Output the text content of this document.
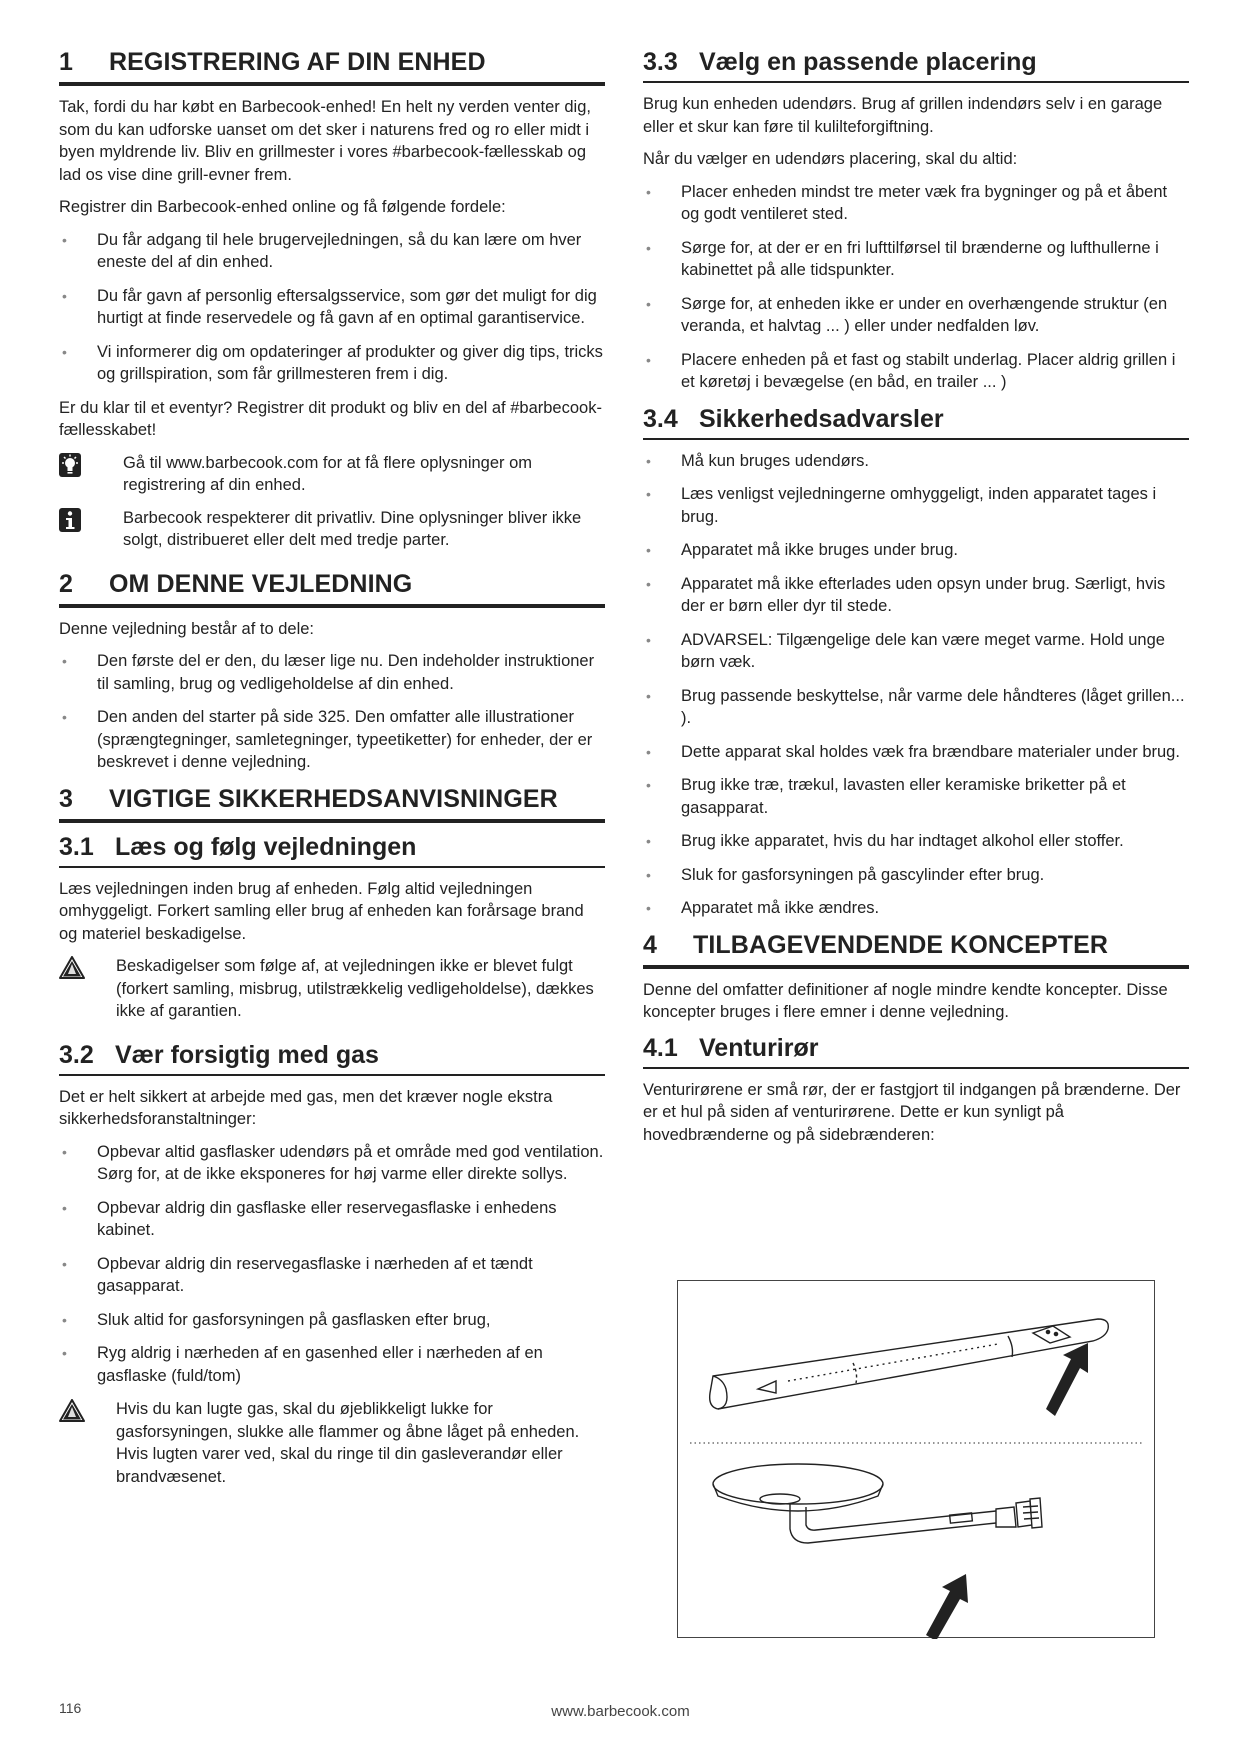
1	REGISTRERING AF DIN ENHED

Tak, fordi du har købt en Barbecook-enhed! En helt ny verden venter dig, som du kan udforske uanset om det sker i naturens fred og ro eller midt i byen myldrende liv. Bliv en grillmester i vores #barbecook-fællesskab og lad os vise dine grill-evner frem.

Registrer din Barbecook-enhed online og få følgende fordele:

• Du får adgang til hele brugervejledningen, så du kan lære om hver eneste del af din enhed.
• Du får gavn af personlig eftersalgsservice, som gør det muligt for dig hurtigt at finde reservedele og få gavn af en optimal garantiservice.
• Vi informerer dig om opdateringer af produkter og giver dig tips, tricks og grillspiration, som får grillmesteren frem i dig.

Er du klar til et eventyr? Registrer dit produkt og bliv en del af #barbecook-fællesskabet!

Gå til www.barbecook.com for at få flere oplysninger om registrering af din enhed.
Barbecook respekterer dit privatliv. Dine oplysninger bliver ikke solgt, distribueret eller delt med tredje parter.
2	OM DENNE VEJLEDNING

Denne vejledning består af to dele:

• Den første del er den, du læser lige nu. Den indeholder instruktioner til samling, brug og vedligeholdelse af din enhed.
• Den anden del starter på side 325. Den omfatter alle illustrationer (sprængtegninger, samletegninger, typeetiketter) for enheder, der er beskrevet i denne vejledning.
3	VIGTIGE SIKKERHEDSANVISNINGER
3.1 Læs og følg vejledningen

Læs vejledningen inden brug af enheden. Følg altid vejledningen omhyggeligt. Forkert samling eller brug af enheden kan forårsage brand og materiel beskadigelse.

Beskadigelser som følge af, at vejledningen ikke er blevet fulgt (forkert samling, misbrug, utilstrækkelig vedligeholdelse), dækkes ikke af garantien.
3.2 Vær forsigtig med gas

Det er helt sikkert at arbejde med gas, men det kræver nogle ekstra sikkerhedsforanstaltninger:

• Opbevar altid gasflasker udendørs på et område med god ventilation. Sørg for, at de ikke eksponeres for høj varme eller direkte sollys.
• Opbevar aldrig din gasflaske eller reservegasflaske i enhedens kabinet.
• Opbevar aldrig din reservegasflaske i nærheden af et tændt gasapparat.
• Sluk altid for gasforsyningen på gasflasken efter brug,
• Ryg aldrig i nærheden af en gasenhed eller i nærheden af en gasflaske (fuld/tom)
Hvis du kan lugte gas, skal du øjeblikkeligt lukke for gasforsyningen, slukke alle flammer og åbne låget på enheden. Hvis lugten varer ved, skal du ringe til din gasleverandør eller brandvæsenet.
3.3 Vælg en passende placering

Brug kun enheden udendørs. Brug af grillen indendørs selv i en garage eller et skur kan føre til kulilteforgiftning.

Når du vælger en udendørs placering, skal du altid:

• Placer enheden mindst tre meter væk fra bygninger og på et åbent og godt ventileret sted.
• Sørge for, at der er en fri lufttilførsel til brænderne og lufthullerne i kabinettet på alle tidspunkter.
• Sørge for, at enheden ikke er under en overhængende struktur (en veranda, et halvtag ... ) eller under nedfalden løv.
• Placere enheden på et fast og stabilt underlag. Placer aldrig grillen i et køretøj i bevægelse (en båd, en trailer ... )
3.4 Sikkerhedsadvarsler
• Må kun bruges udendørs.
• Læs venligst vejledningerne omhyggeligt, inden apparatet tages i brug.
• Apparatet må ikke bruges under brug.
• Apparatet må ikke efterlades uden opsyn under brug. Særligt, hvis der er børn eller dyr til stede.
• ADVARSEL: Tilgængelige dele kan være meget varme. Hold unge børn væk.
• Brug passende beskyttelse, når varme dele håndteres (låget grillen... ).
• Dette apparat skal holdes væk fra brændbare materialer under brug.
• Brug ikke træ, trækul, lavasten eller keramiske briketter på et gasapparat.
• Brug ikke apparatet, hvis du har indtaget alkohol eller stoffer.
• Sluk for gasforsyningen på gascylinder efter brug.
• Apparatet må ikke ændres.
4	TILBAGEVENDENDE KONCEPTER

Denne del omfatter definitioner af nogle mindre kendte koncepter. Disse koncepter bruges i flere emner i denne vejledning.

4.1 Venturirør

Venturirørene er små rør, der er fastgjort til indgangen på brænderne. Der er et hul på siden af venturirørene. Dette er kun synligt på hovedbrænderne og på sidebrænderen:

116	www.barbecook.com
